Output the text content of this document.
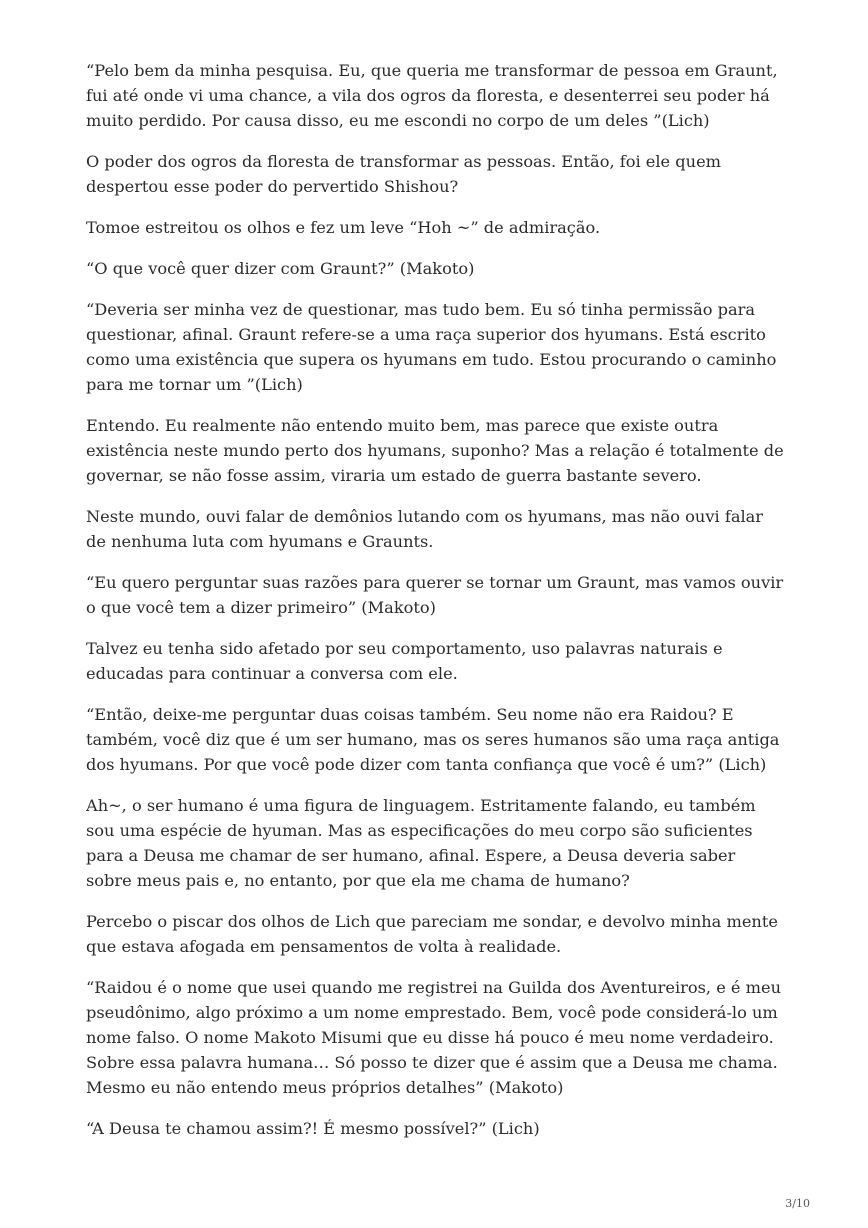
“Pelo bem da minha pesquisa. Eu, que queria me transformar de pessoa em Graunt, fui até onde vi uma chance, a vila dos ogros da floresta, e desenterrei seu poder há muito perdido. Por causa disso, eu me escondi no corpo de um deles ”(Lich)

O poder dos ogros da floresta de transformar as pessoas. Então, foi ele quem despertou esse poder do pervertido Shishou?

Tomoe estreitou os olhos e fez um leve “Hoh ~” de admiração.

“O que você quer dizer com Graunt?” (Makoto)

“Deveria ser minha vez de questionar, mas tudo bem. Eu só tinha permissão para questionar, afinal. Graunt refere-se a uma raça superior dos hyumans. Está escrito como uma existência que supera os hyumans em tudo. Estou procurando o caminho para me tornar um ”(Lich)

Entendo. Eu realmente não entendo muito bem, mas parece que existe outra existência neste mundo perto dos hyumans, suponho? Mas a relação é totalmente de governar, se não fosse assim, viraria um estado de guerra bastante severo.

Neste mundo, ouvi falar de demônios lutando com os hyumans, mas não ouvi falar de nenhuma luta com hyumans e Graunts.

“Eu quero perguntar suas razões para querer se tornar um Graunt, mas vamos ouvir o que você tem a dizer primeiro” (Makoto)

Talvez eu tenha sido afetado por seu comportamento, uso palavras naturais e educadas para continuar a conversa com ele.

“Então, deixe-me perguntar duas coisas também. Seu nome não era Raidou? E também, você diz que é um ser humano, mas os seres humanos são uma raça antiga dos hyumans. Por que você pode dizer com tanta confiança que você é um?” (Lich)

Ah~, o ser humano é uma figura de linguagem. Estritamente falando, eu também sou uma espécie de hyuman. Mas as especificações do meu corpo são suficientes para a Deusa me chamar de ser humano, afinal. Espere, a Deusa deveria saber sobre meus pais e, no entanto, por que ela me chama de humano?

Percebo o piscar dos olhos de Lich que pareciam me sondar, e devolvo minha mente que estava afogada em pensamentos de volta à realidade.

“Raidou é o nome que usei quando me registrei na Guilda dos Aventureiros, e é meu pseudônimo, algo próximo a um nome emprestado. Bem, você pode considerá-lo um nome falso. O nome Makoto Misumi que eu disse há pouco é meu nome verdadeiro. Sobre essa palavra humana… Só posso te dizer que é assim que a Deusa me chama. Mesmo eu não entendo meus próprios detalhes” (Makoto)

“A Deusa te chamou assim?! É mesmo possível?” (Lich)

3/10
